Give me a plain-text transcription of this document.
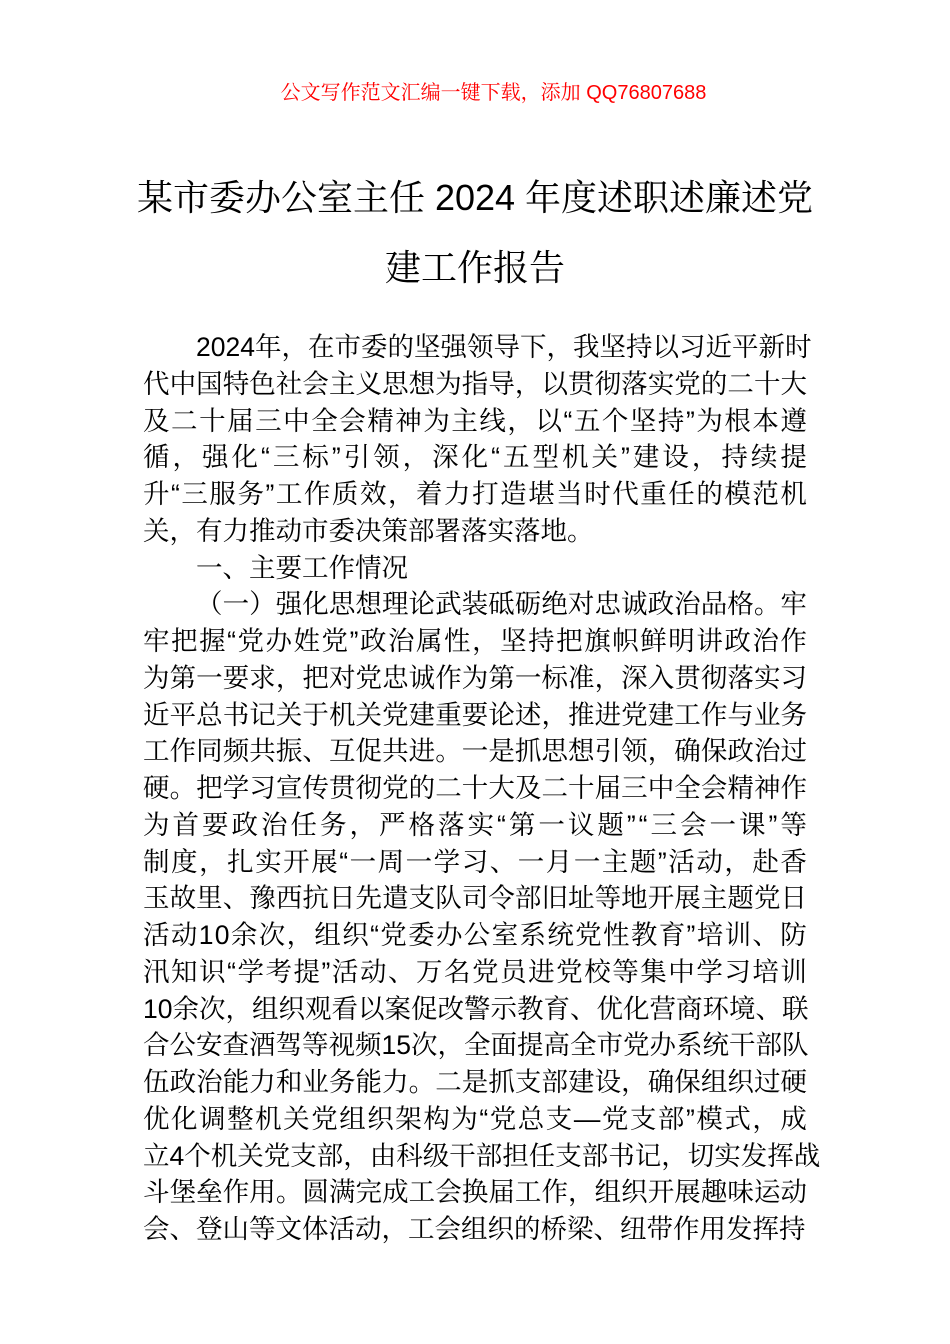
公文写作范文汇编一键下载，添加 QQ76807688
某市委办公室主任 2024 年度述职述廉述党
建工作报告
2 0 2 4 年 ， 在 市 委 的 坚 强 领 导 下 ， 我 坚 持 以 习 近 平 新 时
代 中 国 特 色 社 会 主 义 思 想 为 指 导 ， 以 贯 彻 落 实 党 的 二 十 大
及 二 十 届 三 中 全 会 精 神 为 主 线 ， 以 “ 五 个 坚 持 ” 为 根 本 遵
循 ， 强 化 “ 三 标 ” 引 领 ， 深 化 “ 五 型 机 关 ” 建 设 ， 持 续 提
升 “ 三 服 务 ” 工 作 质 效 ， 着 力 打 造 堪 当 时 代 重 任 的 模 范 机
关，有力推动市委决策部署落实落地。
一、主要工作情况
（ 一 ） 强 化 思 想 理 论 武 装 砥 砺 绝 对 忠 诚 政 治 品 格 。 牢
牢 把 握 “ 党 办 姓 党 ” 政 治 属 性 ， 坚 持 把 旗 帜 鲜 明 讲 政 治 作
为 第 一 要 求 ， 把 对 党 忠 诚 作 为 第 一 标 准 ， 深 入 贯 彻 落 实 习
近 平 总 书 记 关 于 机 关 党 建 重 要 论 述 ， 推 进 党 建 工 作 与 业 务
工 作 同 频 共 振 、 互 促 共 进 。 一 是 抓 思 想 引 领 ， 确 保 政 治 过
硬 。 把 学 习 宣 传 贯 彻 党 的 二 十 大 及 二 十 届 三 中 全 会 精 神 作
为 首 要 政 治 任 务 ， 严 格 落 实 “ 第 一 议 题 ” “ 三 会 一 课 ” 等
制 度 ， 扎 实 开 展 “ 一 周 一 学 习 、 一 月 一 主 题 ” 活 动 ， 赴 香
玉 故 里 、 豫 西 抗 日 先 遣 支 队 司 令 部 旧 址 等 地 开 展 主 题 党 日
活 动 1 0 余 次 ， 组 织 “ 党 委 办 公 室 系 统 党 性 教 育 ” 培 训 、 防
汛 知 识 “ 学 考 提 ” 活 动 、 万 名 党 员 进 党 校 等 集 中 学 习 培 训
1 0 余 次 ， 组 织 观 看 以 案 促 改 警 示 教 育 、 优 化 营 商 环 境 、 联
合 公 安 查 酒 驾 等 视 频 1 5 次 ， 全 面 提 高 全 市 党 办 系 统 干 部 队
伍 政 治 能 力 和 业 务 能 力 。 二 是 抓 支 部 建 设 ， 确 保 组 织 过 硬
优 化 调 整 机 关 党 组 织 架 构 为 “ 党 总 支 — 党 支 部 ” 模 式 ， 成
立 4 个 机 关 党 支 部 ， 由 科 级 干 部 担 任 支 部 书 记 ， 切 实 发 挥 战
斗 堡 垒 作 用 。 圆 满 完 成 工 会 换 届 工 作 ， 组 织 开 展 趣 味 运 动
会、登山等文体活动，工会组织的桥梁、纽带作用发挥持
